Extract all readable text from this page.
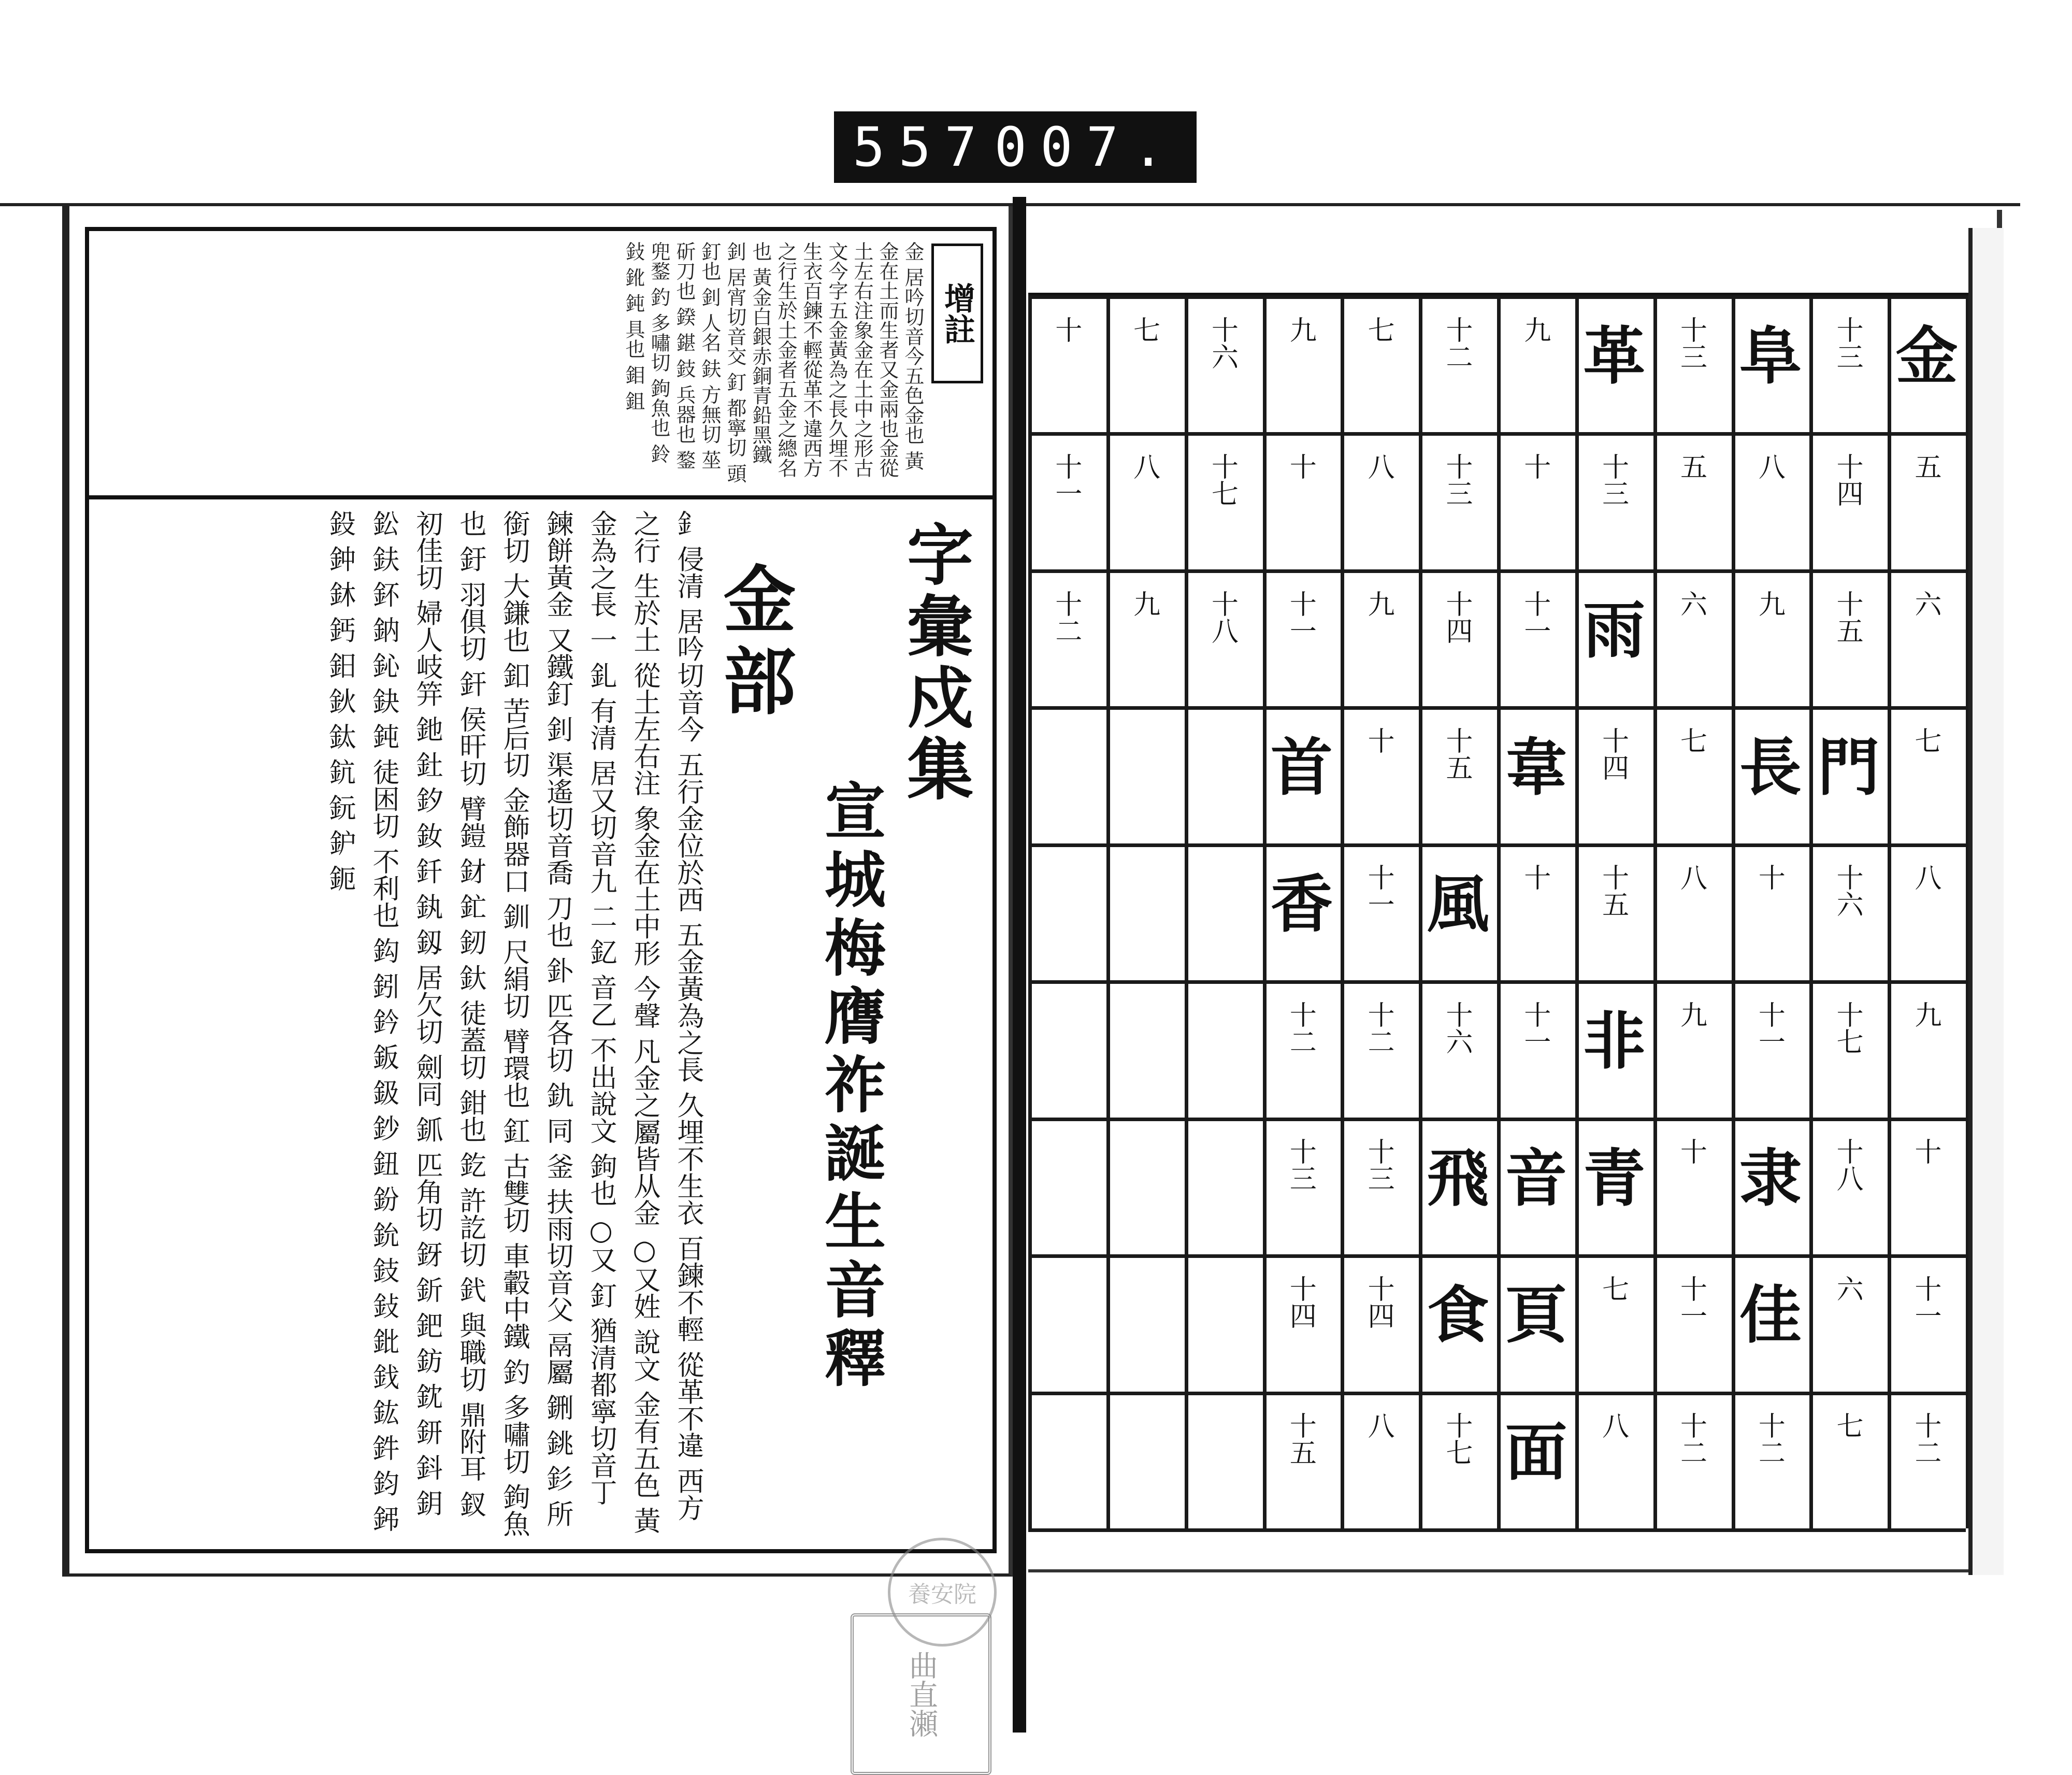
557 007.
增註
金 居吟切音今五色金也 黃金在土而生者又金兩也金從土左右注象金在土中之形古文今字五金黃為之長久埋不生衣百鍊不輕從革不違西方之行生於土金者五金之總名也 黃金白銀赤銅青鉛黑鐵 釗 居宵切音交 釘 都寧切 頭釘也 釗 人名 鈇 方無切 莝斫刀也 鍨 鍖 鈘 兵器也 鍪 兜鍪 釣 多嘯切 鉤魚也 鈴 鈙 鈋 鈍 具也 鉬 鉏
字彙戍集
宣城梅膺祚誕生音釋
金部
釒 侵清 居吟切音今 五行金位於西 五金黃為之長 久埋不生衣 百鍊不輕 從革不違 西方之行 生於土 從土左右注 象金在土中形 今聲 凡金之屬皆从金 ○又姓 說文 金有五色 黃金為之長 一 釓 有清 居又切音九 二 釔 音乙 不出說文 鉤也 ○又 釘 猶清都寧切音丁 鍊餅黃金 又鐵釘 釗 渠遙切音喬 刀也 釙 匹各切 釚 同 釜 扶雨切音父 鬲屬 鉶 銚 釤 所銜切 大鎌也 釦 苦后切 金飾器口 釧 尺絹切 臂環也 釭 古雙切 車轂中鐵 釣 多嘯切 鉤魚也 釪 羽俱切 釬 侯旰切 臂鎧 釮 釯 釰 釱 徒蓋切 鉗也 釳 許訖切 釴 與職切 鼎附耳 釵 初佳切 婦人岐笄 釶 釷 釸 釹 釺 釻 釼 居欠切 劍同 釽 匹角切 釾 釿 鈀 鈁 鈂 鈃 鈄 鈅 鈆 鈇 鈈 鈉 鈊 鈌 鈍 徒困切 不利也 鈎 鈏 鈐 鈑 鈒 鈔 鈕 鈖 鈗 鈘 鈙 鈚 鈛 鈜 鈝 鈞 鈟 鈠 鈡 鈢 鈣 鈤 鈥 鈦 鈧 鈨 鈩 鈪
曲直瀬
養安院
金
長 門
阜
隶
佳
雨
青
非
面
革
韋
音
頁
風
飛
食
首
香
五
六
七
八
九
十
十一
十二
十三
十四
十五
十六
十七
十八
六
七
八
九
十
十一
十二
十三
五
六
七
八
九
十
十一
十二
十三
十四
十五
七
八
九
十
十一
十
十一
十二
十三
十四
十五
十六
十七
七
八
九
十
十一
十二
十三
十四
八
九
十
十一
十二
十三
十四
十五
十六
十七
十八
七
八
九
十
十一
十二
